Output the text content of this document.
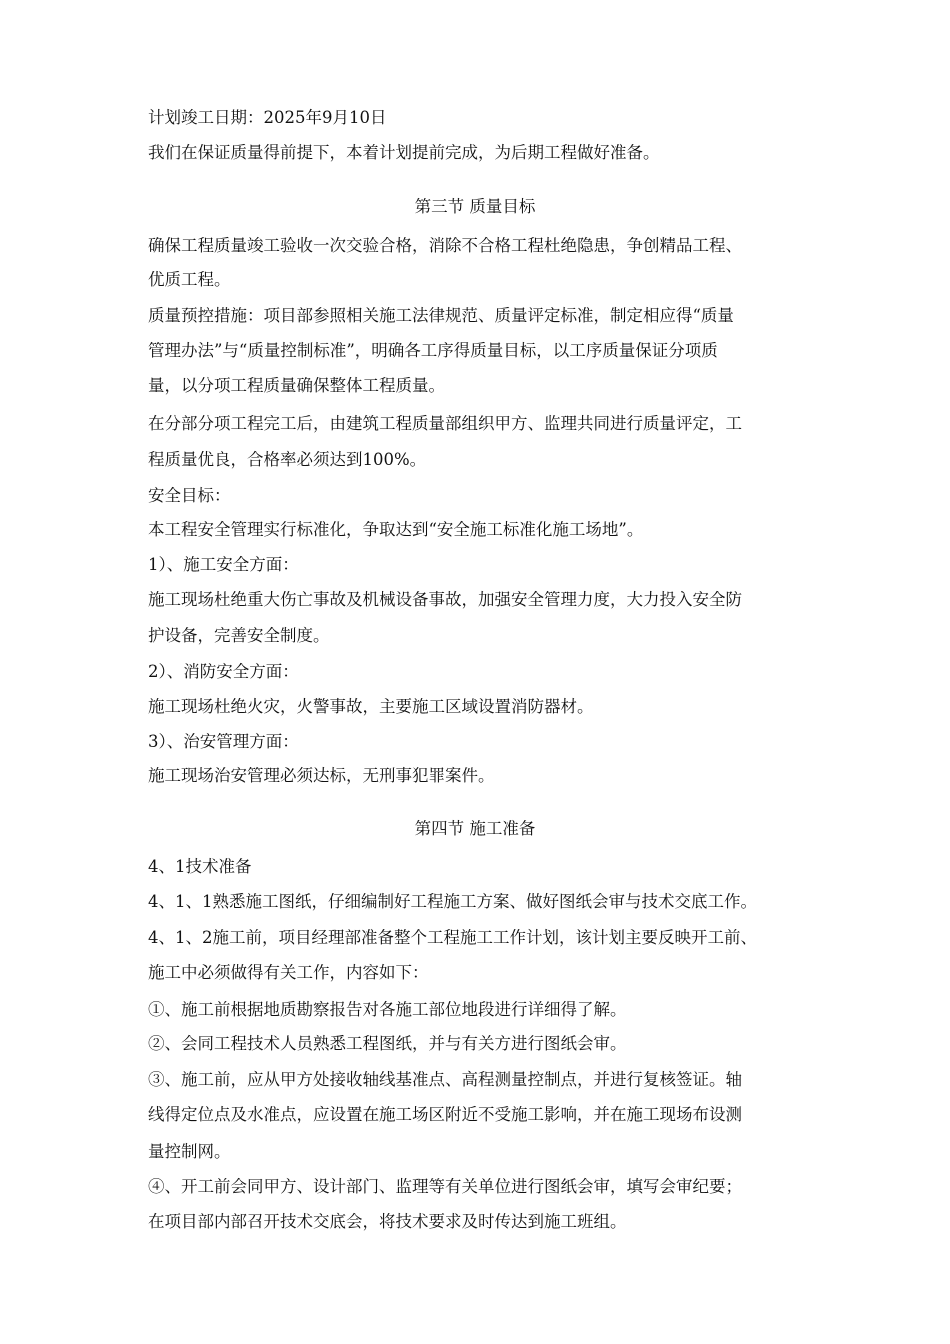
计划竣工日期：2025年9月10日

我们在保证质量得前提下，本着计划提前完成，为后期工程做好准备。

第三节 质量目标

确保工程质量竣工验收一次交验合格，消除不合格工程杜绝隐患，争创精品工程、

优质工程。

质量预控措施：项目部参照相关施工法律规范、质量评定标准，制定相应得“质量

管理办法”与“质量控制标准”，明确各工序得质量目标，以工序质量保证分项质

量，以分项工程质量确保整体工程质量。

在分部分项工程完工后，由建筑工程质量部组织甲方、监理共同进行质量评定，工

程质量优良，合格率必须达到100%。

安全目标：

本工程安全管理实行标准化，争取达到“安全施工标准化施工场地”。

1）、施工安全方面：

施工现场杜绝重大伤亡事故及机械设备事故，加强安全管理力度，大力投入安全防

护设备，完善安全制度。

2）、消防安全方面：

施工现场杜绝火灾，火警事故，主要施工区域设置消防器材。

3）、治安管理方面：

施工现场治安管理必须达标，无刑事犯罪案件。

第四节 施工准备

4、1技术准备

4、1、1熟悉施工图纸，仔细编制好工程施工方案、做好图纸会审与技术交底工作。

4、1、2施工前，项目经理部准备整个工程施工工作计划，该计划主要反映开工前、

施工中必须做得有关工作，内容如下：

①、施工前根据地质勘察报告对各施工部位地段进行详细得了解。

②、会同工程技术人员熟悉工程图纸，并与有关方进行图纸会审。

③、施工前，应从甲方处接收轴线基准点、高程测量控制点，并进行复核签证。轴

线得定位点及水准点，应设置在施工场区附近不受施工影响，并在施工现场布设测

量控制网。

④、开工前会同甲方、设计部门、监理等有关单位进行图纸会审，填写会审纪要；

在项目部内部召开技术交底会，将技术要求及时传达到施工班组。
